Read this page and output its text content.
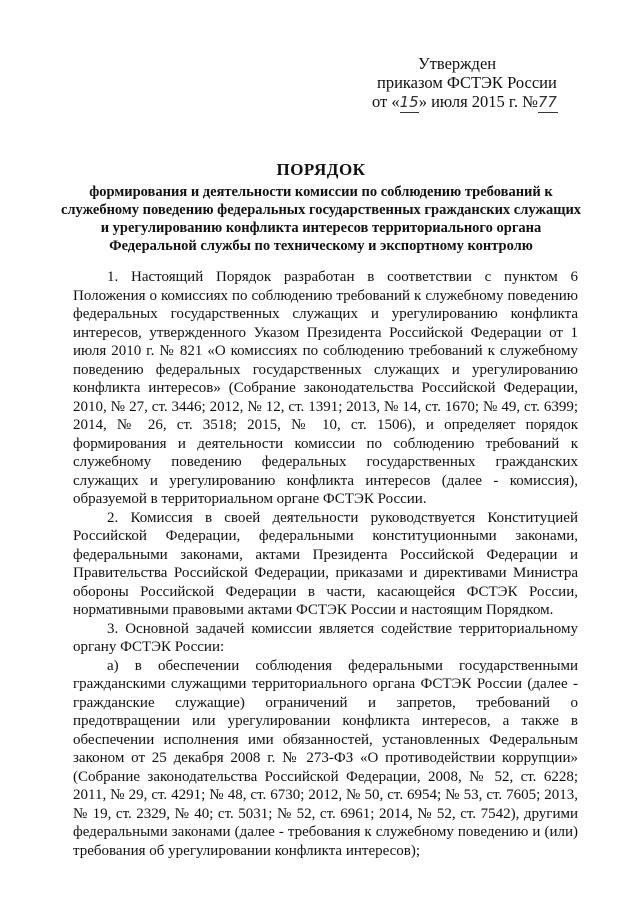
Утвержден
приказом ФСТЭК России
от «15» июля 2015 г. №77
ПОРЯДОК
формирования и деятельности комиссии по соблюдению требований к служебному поведению федеральных государственных гражданских служащих и урегулированию конфликта интересов территориального органа Федеральной службы по техническому и экспортному контролю

1. Настоящий Порядок разработан в соответствии с пунктом 6 Положения о комиссиях по соблюдению требований к служебному поведению федеральных государственных служащих и урегулированию конфликта интересов, утвержденного Указом Президента Российской Федерации от 1 июля 2010 г. № 821 «О комиссиях по соблюдению требований к служебному поведению федеральных государственных служащих и урегулированию конфликта интересов» (Собрание законодательства Российской Федерации, 2010, № 27, ст. 3446; 2012, № 12, ст. 1391; 2013, № 14, ст. 1670; № 49, ст. 6399; 2014, № 26, ст. 3518; 2015, № 10, ст. 1506), и определяет порядок формирования и деятельности комиссии по соблюдению требований к служебному поведению федеральных государственных гражданских служащих и урегулированию конфликта интересов (далее - комиссия), образуемой в территориальном органе ФСТЭК России.

2. Комиссия в своей деятельности руководствуется Конституцией Российской Федерации, федеральными конституционными законами, федеральными законами, актами Президента Российской Федерации и Правительства Российской Федерации, приказами и директивами Министра обороны Российской Федерации в части, касающейся ФСТЭК России, нормативными правовыми актами ФСТЭК России и настоящим Порядком.

3. Основной задачей комиссии является содействие территориальному органу ФСТЭК России:

а) в обеспечении соблюдения федеральными государственными гражданскими служащими территориального органа ФСТЭК России (далее - гражданские служащие) ограничений и запретов, требований о предотвращении или урегулировании конфликта интересов, а также в обеспечении исполнения ими обязанностей, установленных Федеральным законом от 25 декабря 2008 г. № 273-ФЗ «О противодействии коррупции» (Собрание законодательства Российской Федерации, 2008, № 52, ст. 6228; 2011, № 29, ст. 4291; № 48, ст. 6730; 2012, № 50, ст. 6954; № 53, ст. 7605; 2013, № 19, ст. 2329, № 40; ст. 5031; № 52, ст. 6961; 2014, № 52, ст. 7542), другими федеральными законами (далее - требования к служебному поведению и (или) требования об урегулировании конфликта интересов);
